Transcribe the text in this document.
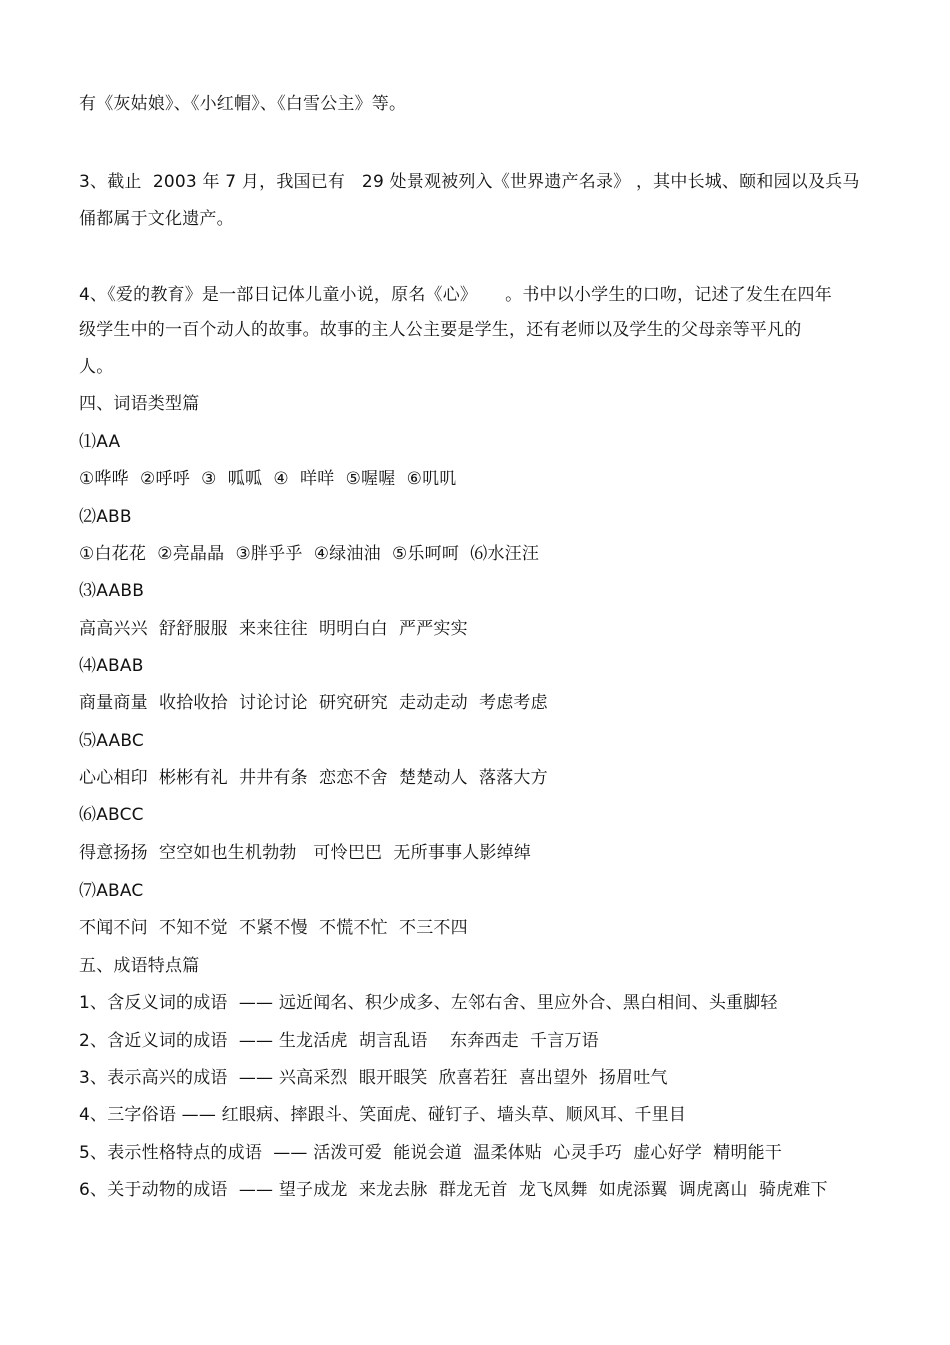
有《灰姑娘》、《小红帽》、《白雪公主》等。
3、截止  2003 年 7 月，我国已有   29 处景观被列入《世界遗产名录》 ，其中长城、颐和园以及兵马
俑都属于文化遗产。
4、《爱的教育》是一部日记体儿童小说，原名《心》     。书中以小学生的口吻，记述了发生在四年
级学生中的一百个动人的故事。故事的主人公主要是学生，还有老师以及学生的父母亲等平凡的
人。
四、词语类型篇
⑴AA
①哗哗  ②呼呼  ③  呱呱  ④  咩咩  ⑤喔喔  ⑥叽叽
⑵ABB
①白花花  ②亮晶晶  ③胖乎乎  ④绿油油  ⑤乐呵呵  ⑹水汪汪
⑶AABB
高高兴兴  舒舒服服  来来往往  明明白白  严严实实
⑷ABAB
商量商量  收拾收拾  讨论讨论  研究研究  走动走动  考虑考虑
⑸AABC
心心相印  彬彬有礼  井井有条  恋恋不舍  楚楚动人  落落大方
⑹ABCC
得意扬扬  空空如也生机勃勃   可怜巴巴  无所事事人影绰绰
⑺ABAC
不闻不问  不知不觉  不紧不慢  不慌不忙  不三不四
五、成语特点篇
1、含反义词的成语  —— 远近闻名、积少成多、左邻右舍、里应外合、黑白相间、头重脚轻
2、含近义词的成语  —— 生龙活虎  胡言乱语    东奔西走  千言万语
3、表示高兴的成语  —— 兴高采烈  眼开眼笑  欣喜若狂  喜出望外  扬眉吐气
4、三字俗语 —— 红眼病、摔跟斗、笑面虎、碰钉子、墙头草、顺风耳、千里目
5、表示性格特点的成语  —— 活泼可爱  能说会道  温柔体贴  心灵手巧  虚心好学  精明能干
6、关于动物的成语  —— 望子成龙  来龙去脉  群龙无首  龙飞凤舞  如虎添翼  调虎离山  骑虎难下
